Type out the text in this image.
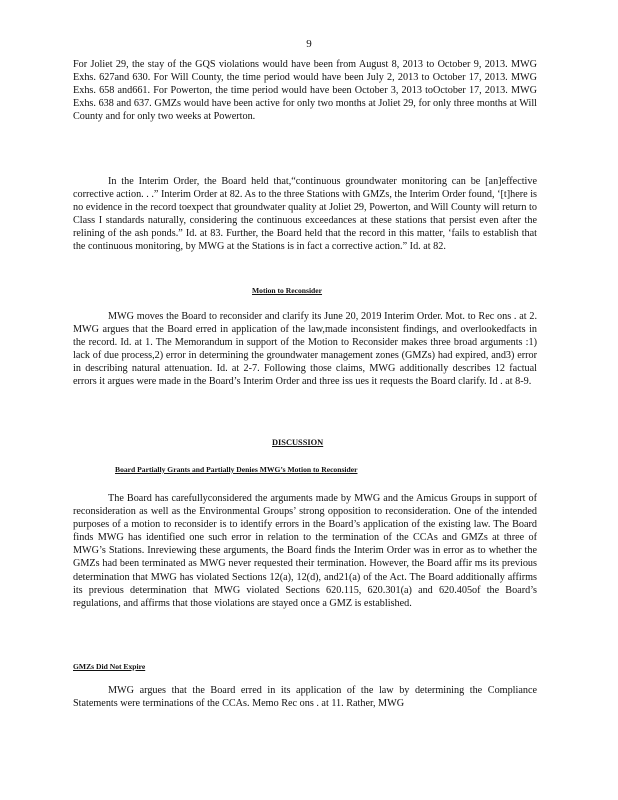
9

For Joliet 29, the stay of the GQS violations would have been from August 8, 2013 to October 9, 2013. MWG Exhs. 627and 630. For Will County, the time period would have been July 2, 2013 to October 17, 2013. MWG Exhs. 658 and661. For Powerton, the time period would have been October 3, 2013 toOctober 17, 2013. MWG Exhs. 638 and 637. GMZs would have been active for only two months at Joliet 29, for only three months at Will County and for only two weeks at Powerton.

In the Interim Order, the Board held that,“continuous groundwater monitoring can be [an]effective corrective action. . .” Interim Order at 82. As to the three Stations with GMZs, the Interim Order found, ‘[t]here is no evidence in the record toexpect that groundwater quality at Joliet 29, Powerton, and Will County will return to Class I standards naturally, considering the continuous exceedances at these stations that persist even after the relining of the ash ponds.” Id. at 83. Further, the Board held that the record in this matter, ‘fails to establish that the continuous monitoring, by MWG at the Stations is in fact a corrective action.” Id. at 82.

Motion to Reconsider

MWG moves the Board to reconsider and clarify its June 20, 2019 Interim Order. Mot. to Rec ons . at 2. MWG argues that the Board erred in application of the law,made inconsistent findings, and overlookedfacts in the record. Id. at 1. The Memorandum in support of the Motion to Reconsider makes three broad arguments :1) lack of due process,2) error in determining the groundwater management zones (GMZs) had expired, and3) error in describing natural attenuation. Id. at 2-7. Following those claims, MWG additionally describes 12 factual errors it argues were made in the Board’s Interim Order and three iss ues it requests the Board clarify. Id . at 8-9.

DISCUSSION

Board Partially Grants and Partially Denies MWG’s Motion to Reconsider

The Board has carefullyconsidered the arguments made by MWG and the Amicus Groups in support of reconsideration as well as the Environmental Groups’ strong opposition to reconsideration. One of the intended purposes of a motion to reconsider is to identify errors in the Board’s application of the existing law. The Board finds MWG has identified one such error in relation to the termination of the CCAs and GMZs at three of MWG’s Stations. Inreviewing these arguments, the Board finds the Interim Order was in error as to whether the GMZs had been terminated as MWG never requested their termination. However, the Board affir ms its previous determination that MWG has violated Sections 12(a), 12(d), and21(a) of the Act. The Board additionally affirms its previous determination that MWG violated Sections 620.115, 620.301(a) and 620.405of the Board’s regulations, and affirms that those violations are stayed once a GMZ is established.

GMZs Did Not Expire

MWG argues that the Board erred in its application of the law by determining the Compliance Statements were terminations of the CCAs. Memo Rec ons . at 11. Rather, MWG
